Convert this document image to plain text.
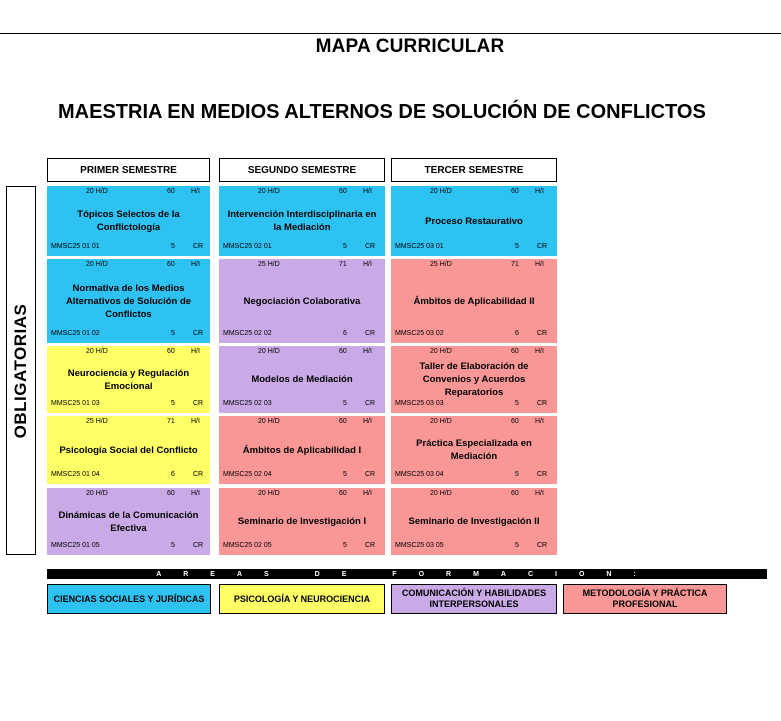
MAPA CURRICULAR
MAESTRIA EN MEDIOS ALTERNOS DE SOLUCIÓN DE CONFLICTOS
PRIMER SEMESTRE	SEGUNDO SEMESTRE	TERCER SEMESTRE
OBLIGATORIAS
20 H/D	60 H/I
Tópicos Selectos de la Conflictología
MMSC25 01 01	5	CR
20 H/D	60 H/I
Normativa de los Medios Alternativos de Solución de Conflictos
MMSC25 01 02	5	CR
20 H/D	60 H/I
Neurociencia y Regulación Emocional
MMSC25 01 03	5	CR
25 H/D	71 H/I
Psicología Social del Conflicto
MMSC25 01 04	6	CR
20 H/D	60 H/I
Dinámicas de la Comunicación Efectiva
MMSC25 01 05	5	CR
20 H/D	60 H/I
Intervención Interdisciplinaria en la Mediación
MMSC25 02 01	5	CR
25 H/D	71 H/I
Negociación Colaborativa
MMSC25 02 02	6	CR
20 H/D	60 H/I
Modelos de Mediación
MMSC25 02 03	5	CR
20 H/D	60 H/I
Ámbitos de Aplicabilidad I
MMSC25 02 04	5	CR
20 H/D	60 H/I
Seminario de Investigación I
MMSC25 02 05	5	CR
20 H/D	60 H/I
Proceso Restaurativo
MMSC25 03 01	5	CR
25 H/D	71 H/I
Ámbitos de Aplicabilidad II
MMSC25 03 02	6	CR
20 H/D	60 H/I
Taller de Elaboración de Convenios y Acuerdos Reparatorios
MMSC25 03 03	5	CR
20 H/D	60 H/I
Práctica Especializada en Mediación
MMSC25 03 04	5	CR
20 H/D	60 H/I
Seminario de Investigación II
MMSC25 03 05	5	CR
AREAS DE FORMACION:
CIENCIAS SOCIALES Y JURÍDICAS	PSICOLOGÍA Y NEUROCIENCIA
COMUNICACIÓN Y HABILIDADES INTERPERSONALES
METODOLOGÍA Y PRÁCTICA PROFESIONAL
